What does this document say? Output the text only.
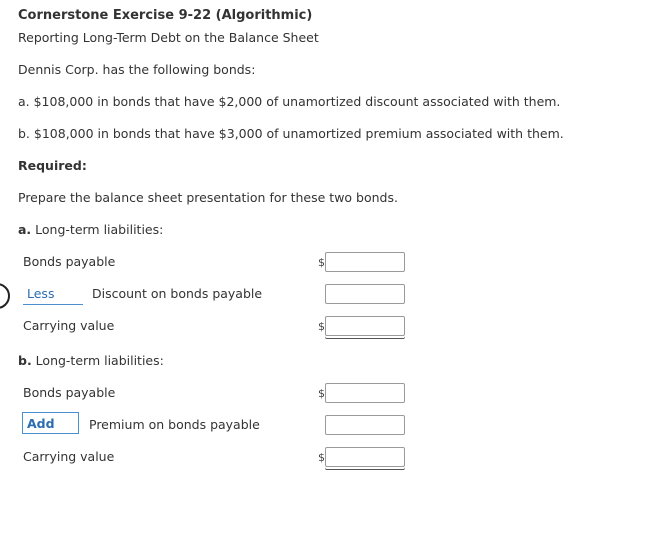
Cornerstone Exercise 9-22 (Algorithmic)
Reporting Long-Term Debt on the Balance Sheet
Dennis Corp. has the following bonds:
a. $108,000 in bonds that have $2,000 of unamortized discount associated with them.
b. $108,000 in bonds that have $3,000 of unamortized premium associated with them.
Required:
Prepare the balance sheet presentation for these two bonds.
a. Long-term liabilities:
Bonds payable	$
Less	Discount on bonds payable
Carrying value	$
b. Long-term liabilities:
Bonds payable	$
Add	Premium on bonds payable
Carrying value	$
